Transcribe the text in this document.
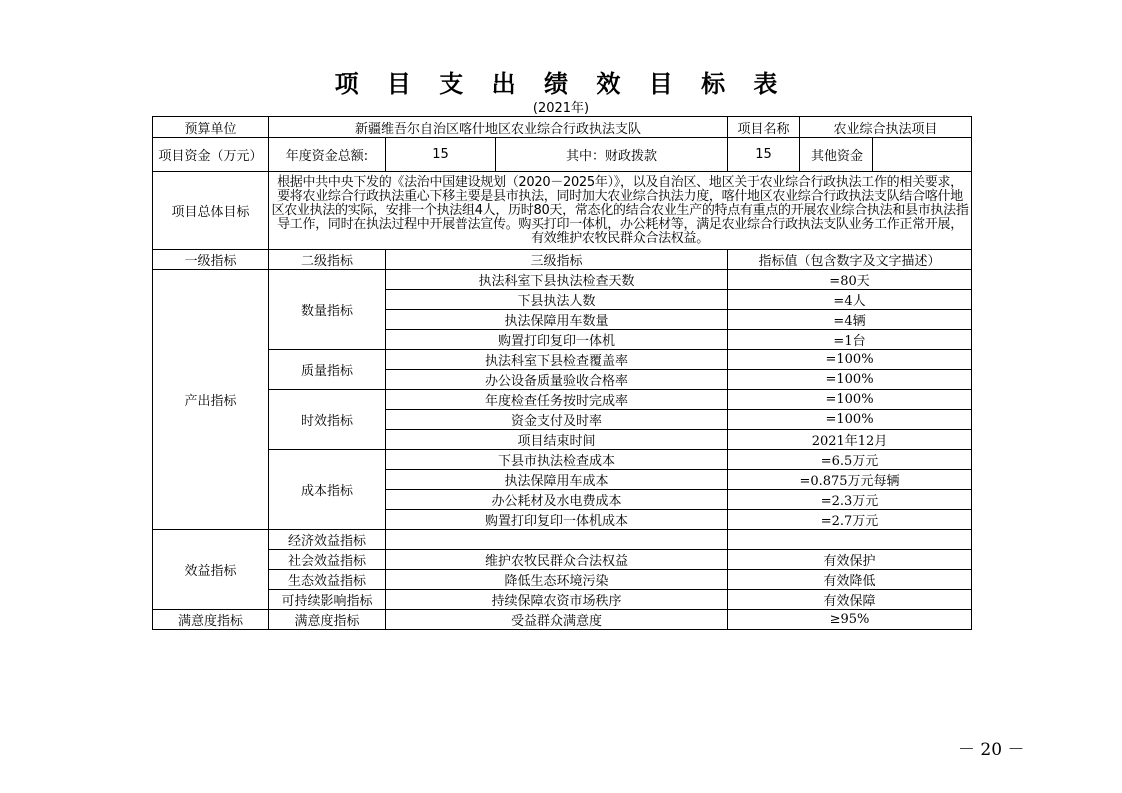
项 目 支 出 绩 效 目 标 表
(2021年)
预算单位	新疆维吾尔自治区喀什地区农业综合行政执法支队			项目名称	农业综合执法项目
项目资金（万元）	年度资金总额:	15	其中：财政拨款	15	其他资金

项目总体目标	根据中共中央下发的《法治中国建设规划（2020－2025年）》，以及自治区、地区关于农业综合行政执法工作的相关要求，要将农业综合行政执法重心下移主要是县市执法，同时加大农业综合执法力度，喀什地区农业综合行政执法支队结合喀什地区农业执法的实际，安排一个执法组4人，历时80天，常态化的结合农业生产的特点有重点的开展农业综合执法和县市执法指导工作，同时在执法过程中开展普法宣传。购买打印一体机，办公耗材等，满足农业综合行政执法支队业务工作正常开展，有效维护农牧民群众合法权益。				
一级指标	二级指标	三级指标		指标值（包含数字及文字描述）	
产出指标	数量指标	执法科室下县执法检查天数		=80天	
		下县执法人数		=4人	
		执法保障用车数量		=4辆	
		购置打印复印一体机		=1台	
	质量指标	执法科室下县检查覆盖率		=100%	
		办公设备质量验收合格率		=100%	
	时效指标	年度检查任务按时完成率		=100%	
		资金支付及时率		=100%	
		项目结束时间		2021年12月	
	成本指标	下县市执法检查成本		=6.5万元	
		执法保障用车成本		=0.875万元每辆	
		办公耗材及水电费成本		=2.3万元	
		购置打印复印一体机成本		=2.7万元	
效益指标	经济效益指标				
	社会效益指标	维护农牧民群众合法权益		有效保护	
	生态效益指标	降低生态环境污染		有效降低	
	可持续影响指标	持续保障农资市场秩序		有效保障	
满意度指标	满意度指标	受益群众满意度		≥95%	
－ 20 －
